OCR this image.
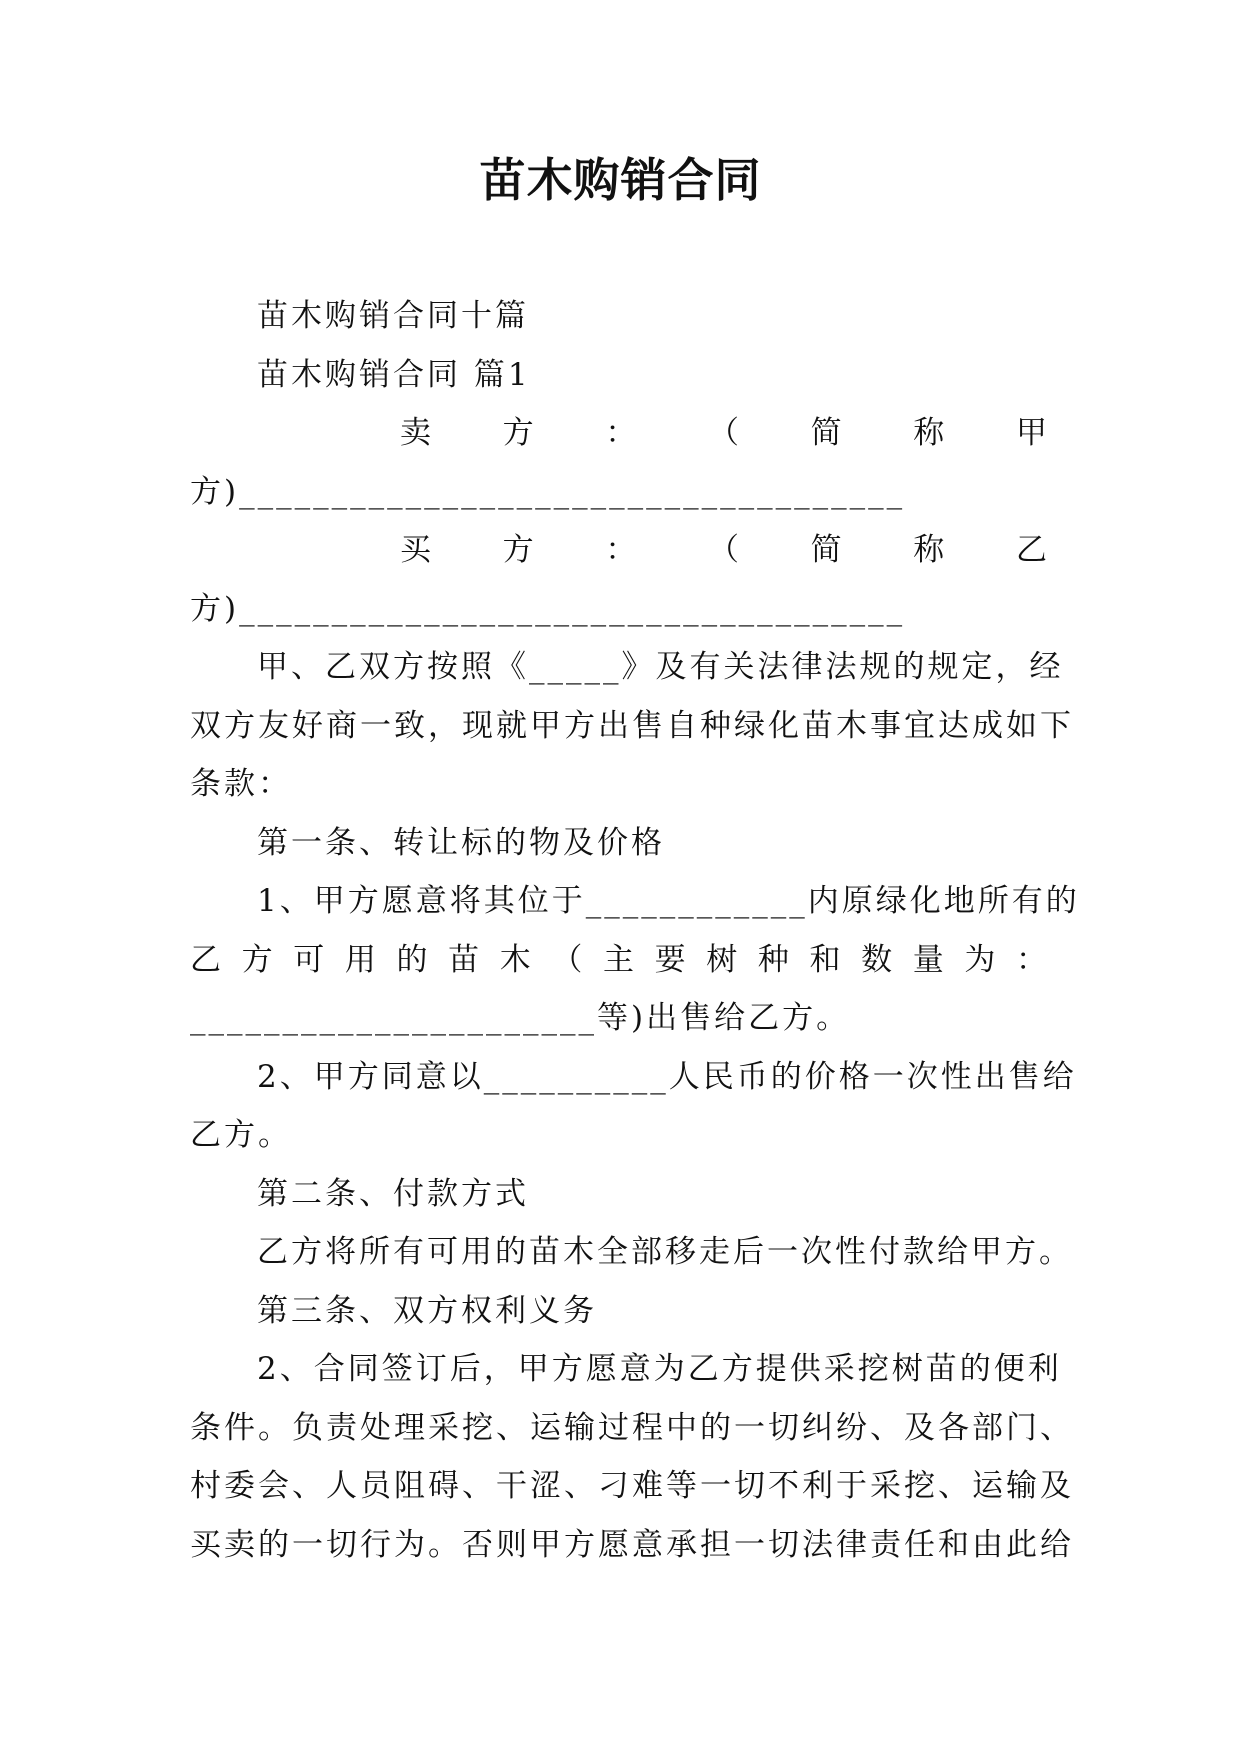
苗木购销合同

苗木购销合同十篇

苗木购销合同 篇1

卖 方 ： （ 简 称 甲

方)____________________________________

买 方 ： （ 简 称 乙

方)____________________________________

甲、乙双方按照《_____》及有关法律法规的规定，经

双方友好商一致，现就甲方出售自种绿化苗木事宜达成如下

条款：

第一条、转让标的物及价格

1、甲方愿意将其位于____________内原绿化地所有的

乙 方 可 用 的 苗 木 （ 主 要 树 种 和 数 量 为 ：

______________________等)出售给乙方。

2、甲方同意以__________人民币的价格一次性出售给

乙方。

第二条、付款方式

乙方将所有可用的苗木全部移走后一次性付款给甲方。

第三条、双方权利义务

2、合同签订后，甲方愿意为乙方提供采挖树苗的便利

条件。负责处理采挖、运输过程中的一切纠纷、及各部门、

村委会、人员阻碍、干涩、刁难等一切不利于采挖、运输及

买卖的一切行为。否则甲方愿意承担一切法律责任和由此给
